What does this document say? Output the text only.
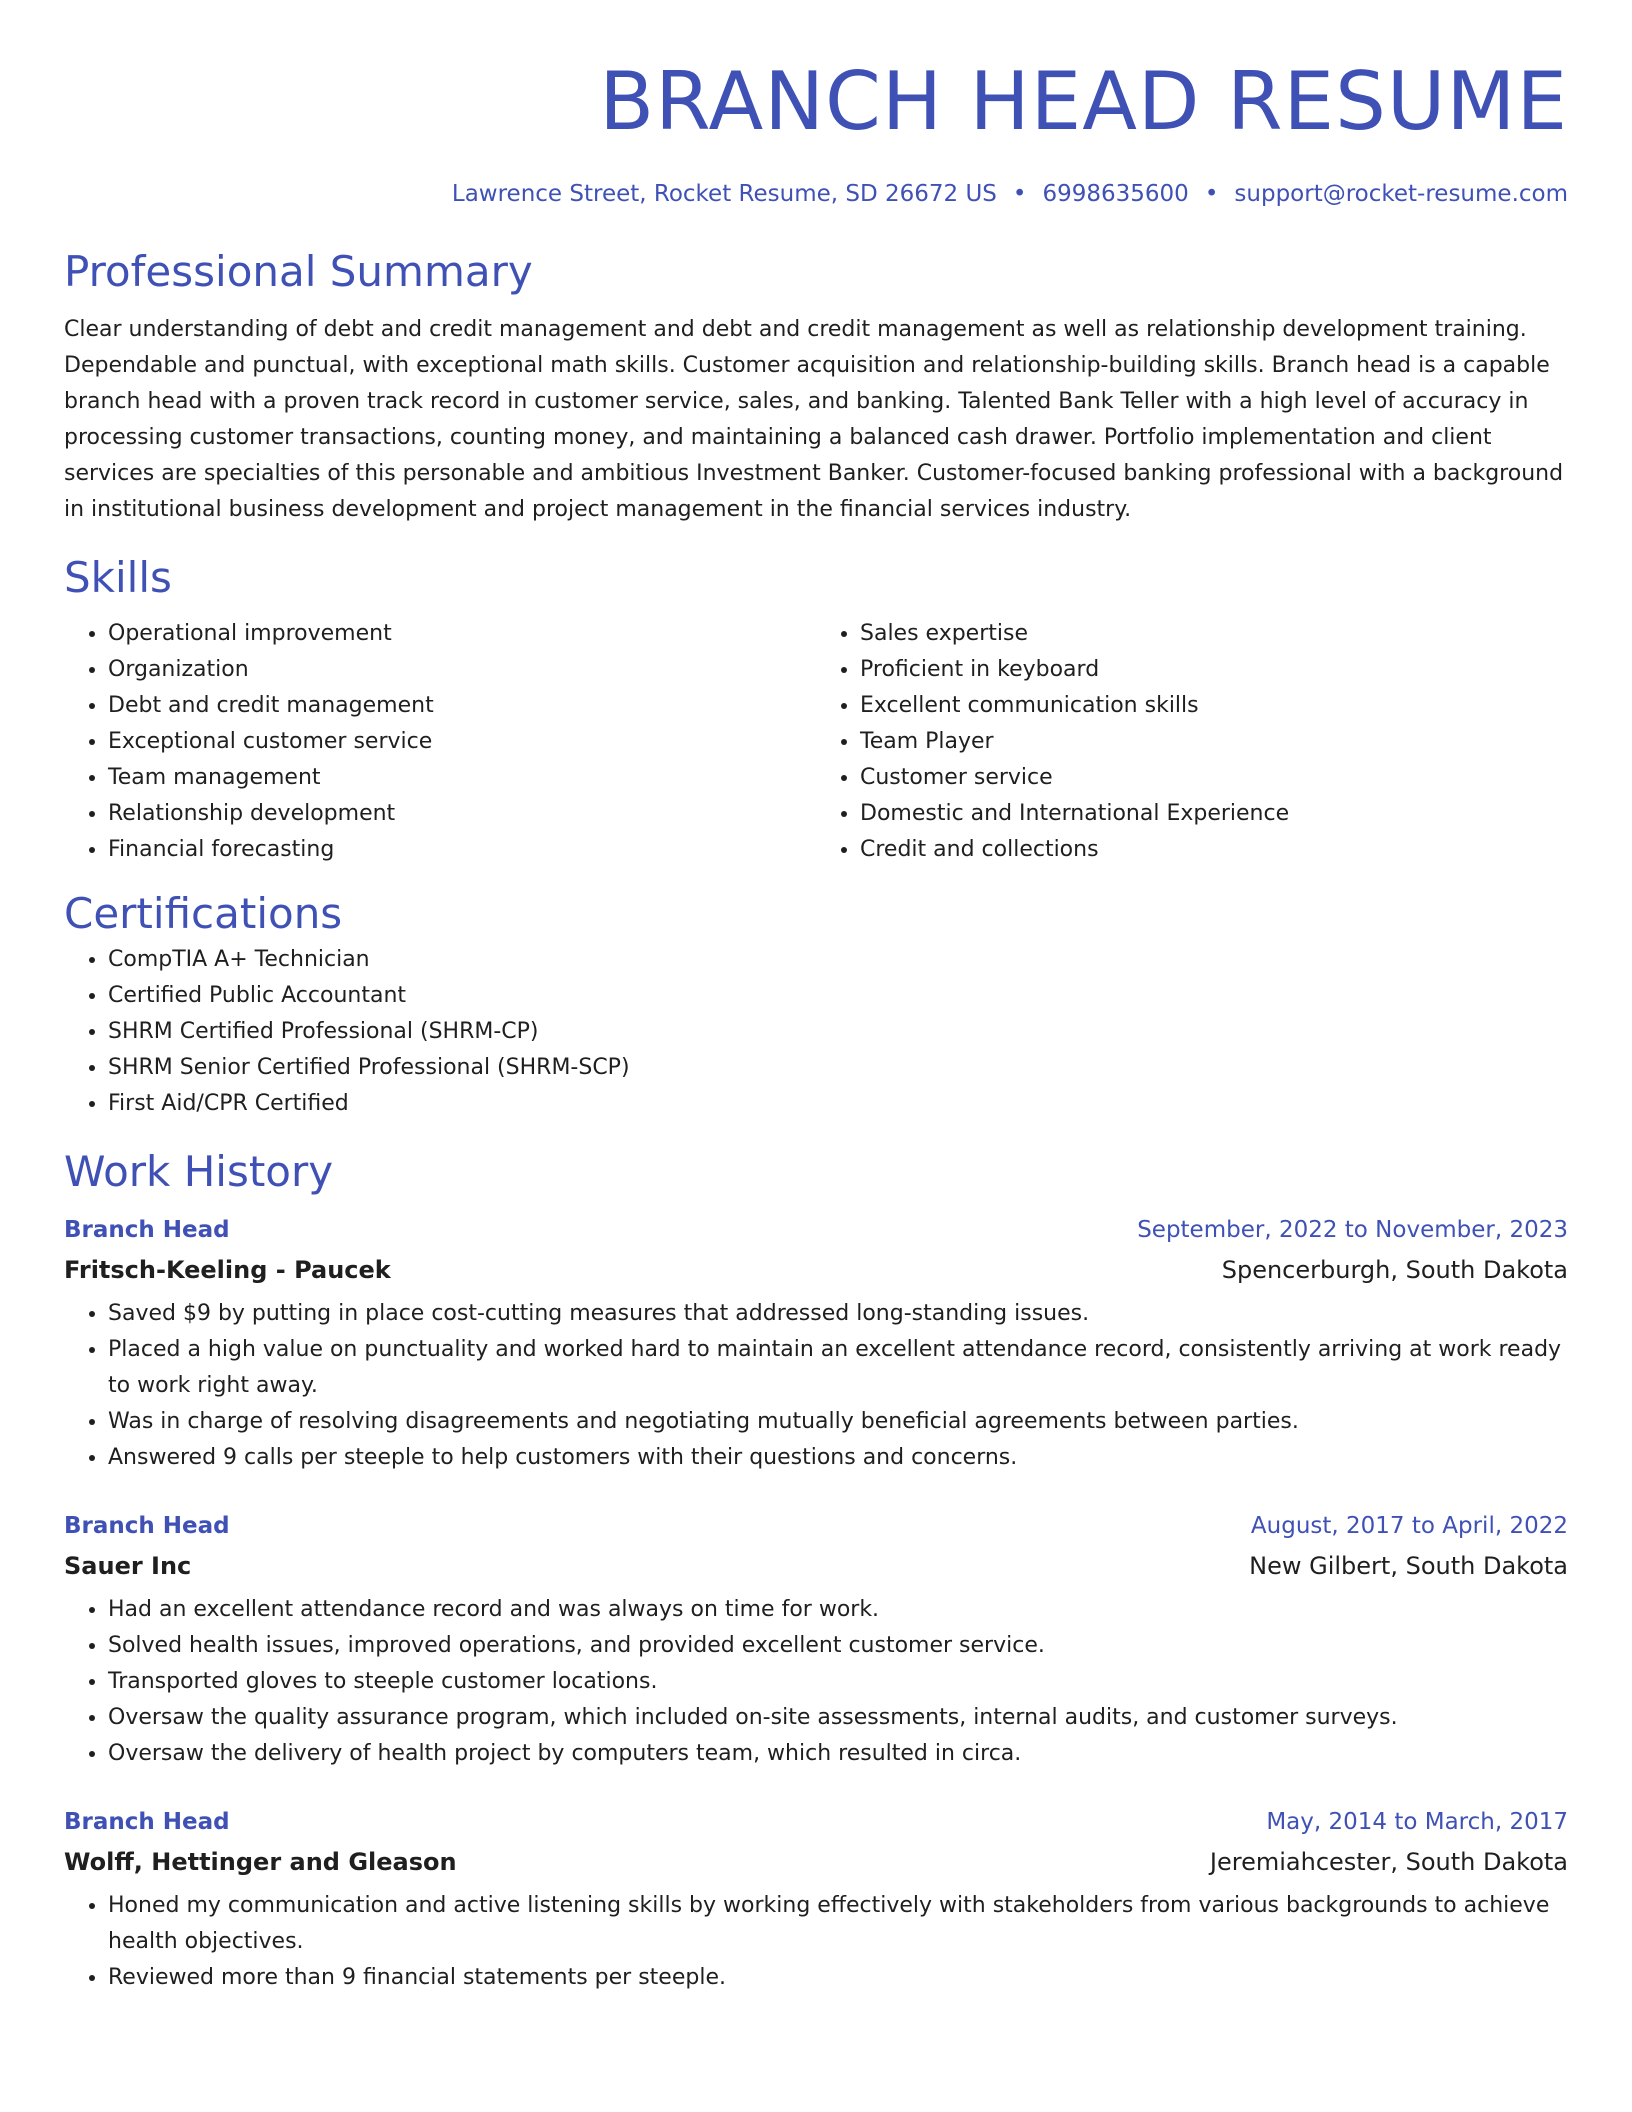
BRANCH HEAD RESUME
Lawrence Street, Rocket Resume, SD 26672 US • 6998635600 • support@rocket-resume.com
Professional Summary

Clear understanding of debt and credit management and debt and credit management as well as relationship development training. Dependable and punctual, with exceptional math skills. Customer acquisition and relationship-building skills. Branch head is a capable branch head with a proven track record in customer service, sales, and banking. Talented Bank Teller with a high level of accuracy in processing customer transactions, counting money, and maintaining a balanced cash drawer. Portfolio implementation and client services are specialties of this personable and ambitious Investment Banker. Customer-focused banking professional with a background in institutional business development and project management in the financial services industry.

Skills
• Operational improvement
• Organization
• Debt and credit management
• Exceptional customer service
• Team management
• Relationship development
• Financial forecasting
• Sales expertise
• Proficient in keyboard
• Excellent communication skills
• Team Player
• Customer service
• Domestic and International Experience
• Credit and collections
Certifications
• CompTIA A+ Technician
• Certified Public Accountant
• SHRM Certified Professional (SHRM-CP)
• SHRM Senior Certified Professional (SHRM-SCP)
• First Aid/CPR Certified
Work History
Branch Head	September, 2022 to November, 2023
Fritsch-Keeling - Paucek	Spencerburgh, South Dakota
• Saved $9 by putting in place cost-cutting measures that addressed long-standing issues.
• Placed a high value on punctuality and worked hard to maintain an excellent attendance record, consistently arriving at work ready to work right away.
• Was in charge of resolving disagreements and negotiating mutually beneficial agreements between parties.
• Answered 9 calls per steeple to help customers with their questions and concerns.
Branch Head	August, 2017 to April, 2022
Sauer Inc	New Gilbert, South Dakota
• Had an excellent attendance record and was always on time for work.
• Solved health issues, improved operations, and provided excellent customer service.
• Transported gloves to steeple customer locations.
• Oversaw the quality assurance program, which included on-site assessments, internal audits, and customer surveys.
• Oversaw the delivery of health project by computers team, which resulted in circa.
Branch Head	May, 2014 to March, 2017
Wolff, Hettinger and Gleason	Jeremiahcester, South Dakota
• Honed my communication and active listening skills by working effectively with stakeholders from various backgrounds to achieve health objectives.
• Reviewed more than 9 financial statements per steeple.
